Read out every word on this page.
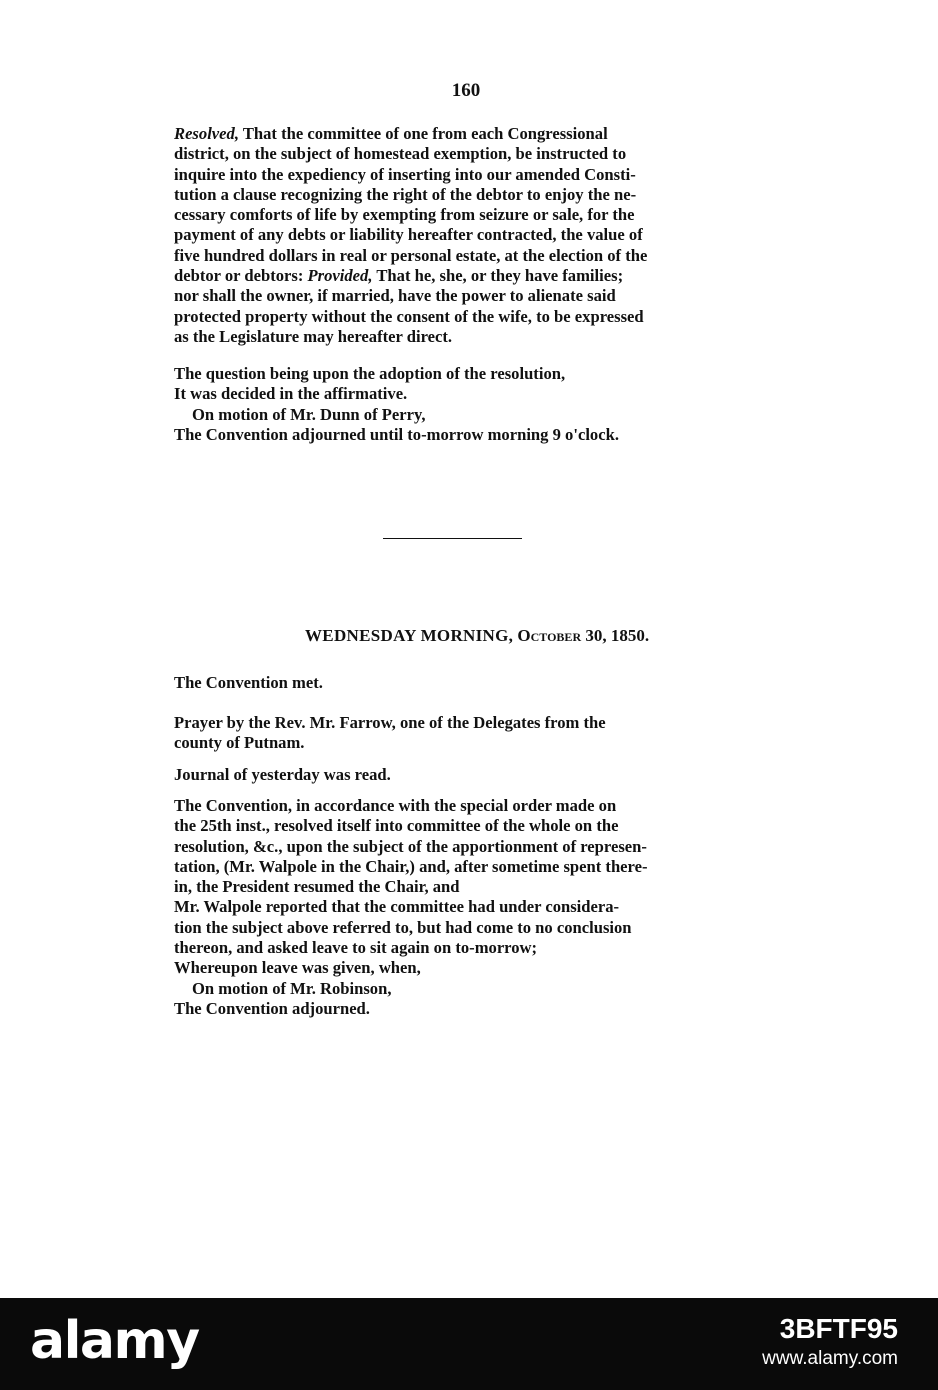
160
Resolved, That the committee of one from each Congressional
district, on the subject of homestead exemption, be instructed to
inquire into the expediency of inserting into our amended Consti-
tution a clause recognizing the right of the debtor to enjoy the ne-
cessary comforts of life by exempting from seizure or sale, for the
payment of any debts or liability hereafter contracted, the value of
five hundred dollars in real or personal estate, at the election of the
debtor or debtors: Provided, That he, she, or they have families;
nor shall the owner, if married, have the power to alienate said
protected property without the consent of the wife, to be expressed
as the Legislature may hereafter direct.
The question being upon the adoption of the resolution,
It was decided in the affirmative.
On motion of Mr. Dunn of Perry,
The Convention adjourned until to-morrow morning 9 o'clock.
WEDNESDAY MORNING, October 30, 1850.
The Convention met.
Prayer by the Rev. Mr. Farrow, one of the Delegates from the
county of Putnam.
Journal of yesterday was read.
The Convention, in accordance with the special order made on
the 25th inst., resolved itself into committee of the whole on the
resolution, &c., upon the subject of the apportionment of represen-
tation, (Mr. Walpole in the Chair,) and, after sometime spent there-
in, the President resumed the Chair, and
Mr. Walpole reported that the committee had under considera-
tion the subject above referred to, but had come to no conclusion
thereon, and asked leave to sit again on to-morrow;
Whereupon leave was given, when,
On motion of Mr. Robinson,
The Convention adjourned.
alamy	3BFTF95
www.alamy.com
